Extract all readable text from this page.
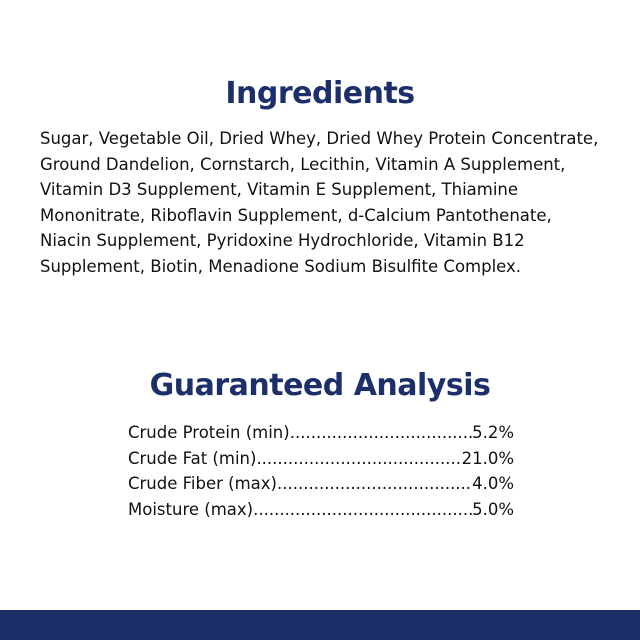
Ingredients

Sugar, Vegetable Oil, Dried Whey, Dried Whey Protein Concentrate, Ground Dandelion, Cornstarch, Lecithin, Vitamin A Supplement, Vitamin D3 Supplement, Vitamin E Supplement, Thiamine Mononitrate, Riboflavin Supplement, d-Calcium Pantothenate, Niacin Supplement, Pyridoxine Hydrochloride, Vitamin B12 Supplement, Biotin, Menadione Sodium Bisulfite Complex.

Guaranteed Analysis
Crude Protein (min) .....	5.2%
Crude Fat (min) .....	21.0%
Crude Fiber (max) .....	4.0%
Moisture (max) .....	5.0%
